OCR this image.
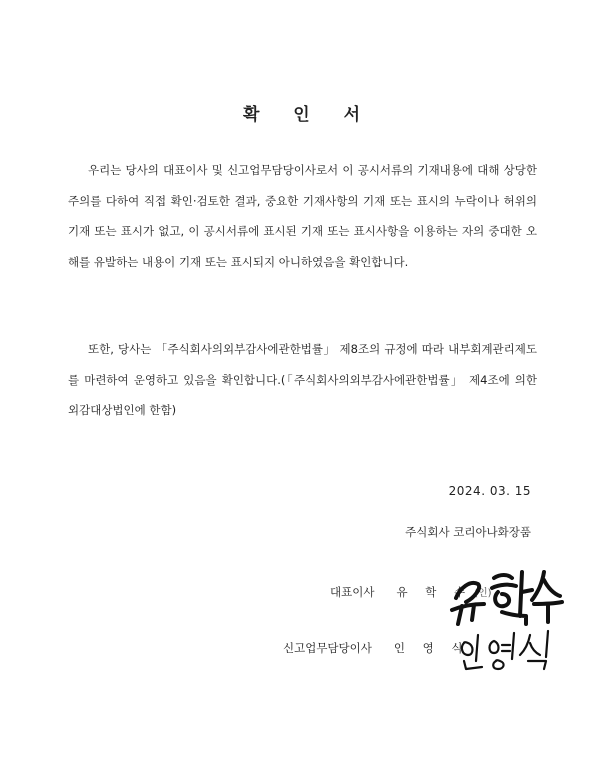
확 인 서
우리는 당사의 대표이사 및 신고업무담당이사로서 이 공시서류의 기재내용에 대해 상당한 주의를 다하여 직접 확인·검토한 결과, 중요한 기재사항의 기재 또는 표시의 누락이나 허위의 기재 또는 표시가 없고, 이 공시서류에 표시된 기재 또는 표시사항을 이용하는 자의 중대한 오해를 유발하는 내용이 기재 또는 표시되지 아니하였음을 확인합니다.
또한, 당사는 「주식회사의외부감사에관한법률」 제8조의 규정에 따라 내부회계관리제도를 마련하여 운영하고 있음을 확인합니다.(「주식회사의외부감사에관한법률」 제4조에 의한 외감대상법인에 한함)
2024. 03. 15
주식회사 코리아나화장품
대표이사 유 학 수 (인)
신고업무담당이사 인 영 식
